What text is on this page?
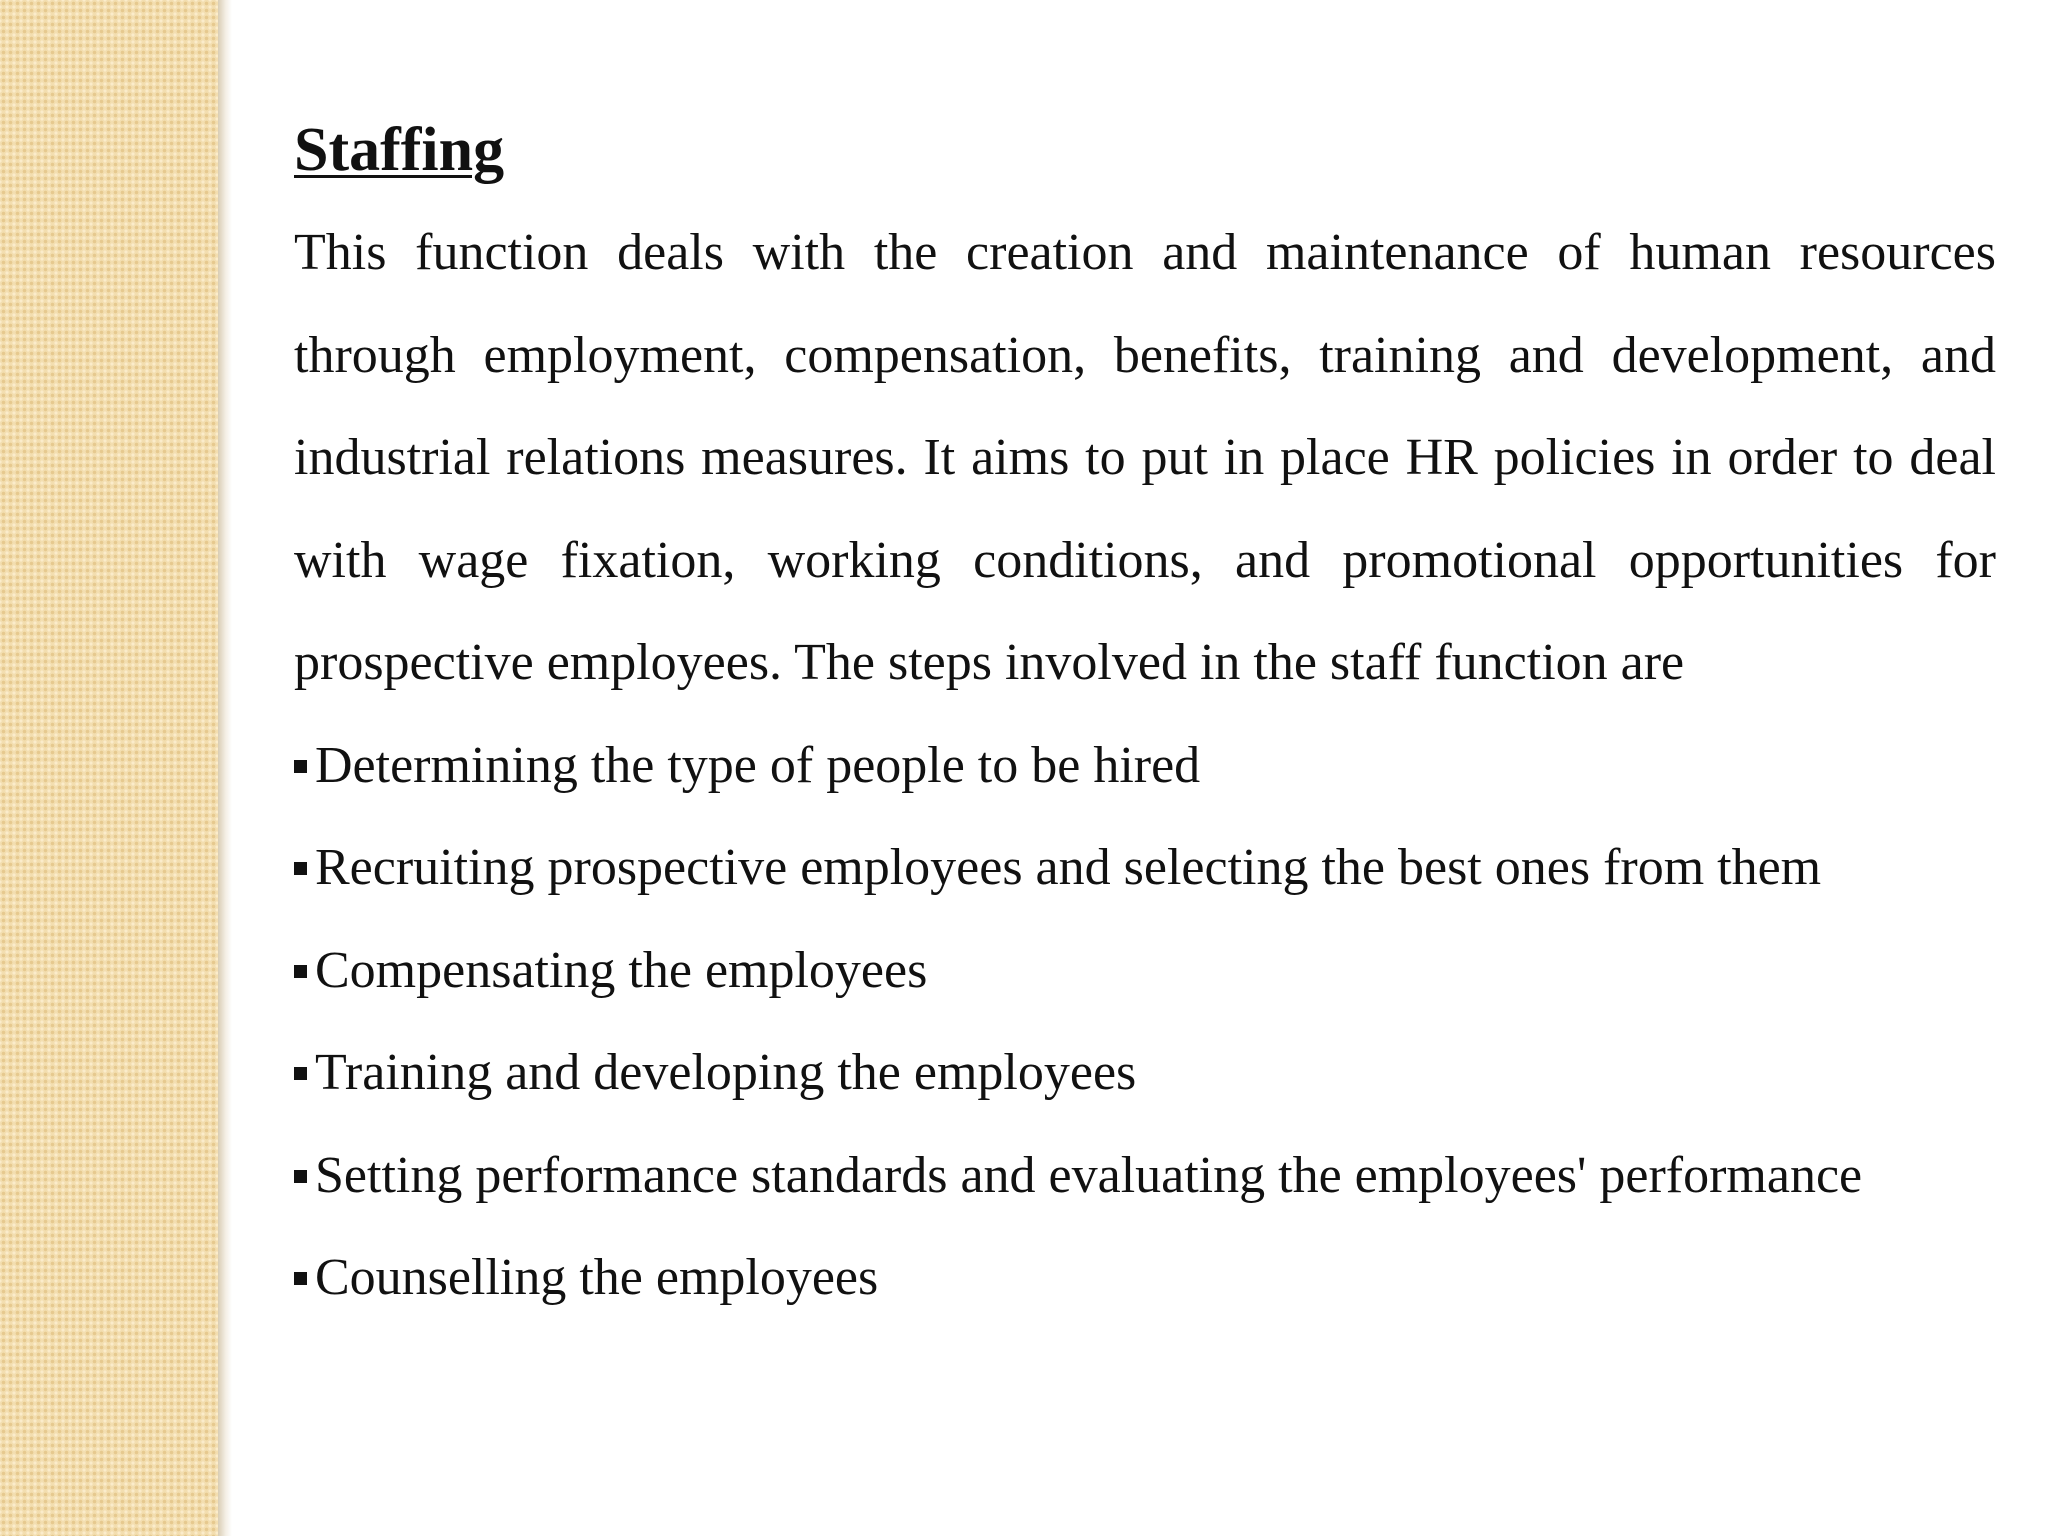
Staffing

This function deals with the creation and maintenance of human resources through employment, compensation, benefits, training and development, and industrial relations measures. It aims to put in place HR policies in order to deal with wage fixation, working conditions, and promotional opportunities for prospective employees. The steps involved in the staff function are

Determining the type of people to be hired
Recruiting prospective employees and selecting the best ones from them
Compensating the employees
Training and developing the employees
Setting performance standards and evaluating the employees' performance
Counselling the employees
